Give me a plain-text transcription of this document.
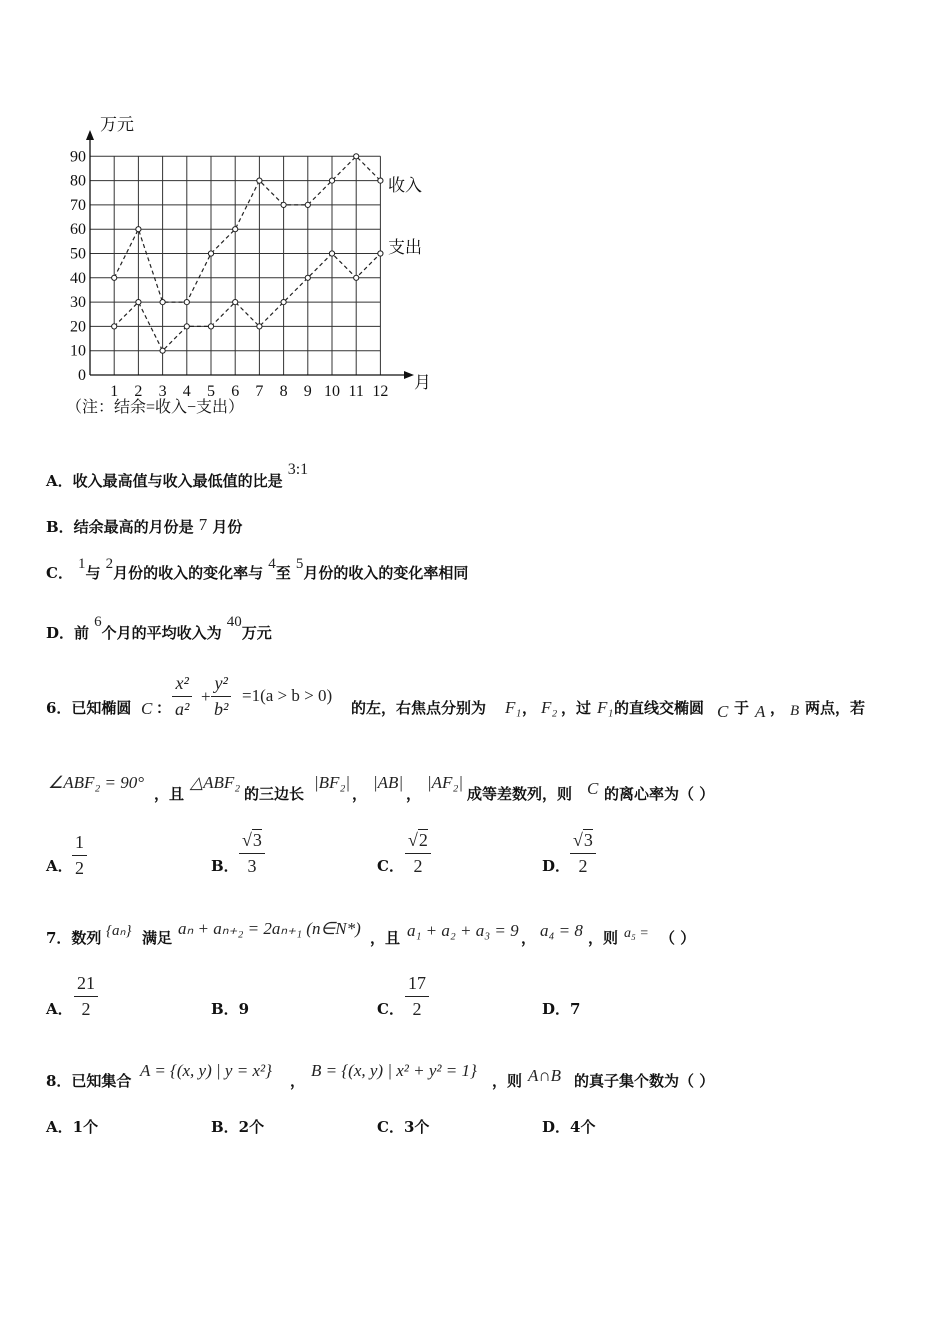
0
10
20
30
40
50
60
70
80
90
1 2 3 4 5 6 7 8 9 10 11 12
万元
月
收入
支出
（注：结余=收入−支出）
A．收入最高值与收入最低值的比是 3:1
B．结余最高的月份是 7 月份
C． 1与 2月份的收入的变化率与 4至 5月份的收入的变化率相同
D．前 6个月的平均收入为 40万元
6．已知椭圆 C ： $\frac{\text{x²}}{\text{a²}} + \frac{\text{y²}}{\text{b²}} =1(a > b > 0)$
的左，右焦点分别为 F₁ ， F₂ ，过 F₁ 的直线交椭圆 C 于 A ， B 两点，若
∠ABF₂ = 90°
，且
△ABF₂
的三边长
|BF₂|
，
|AB|
，
|AF₂|
成等差数列，则 C 的离心率为（ ）
A． $\frac{1}{2}$	B． $\frac{√3}{3}$	C． $\frac{√2}{2}$	D． $\frac{√3}{2}$
7．数列 {aₙ} 满足 aₙ + aₙ₊₂ = 2aₙ₊₁ (n∈N*) ，且 a₁ + a₂ + a₃ = 9 ， a₄ = 8 ，则 a₅ = （ ）
A． $\frac{21}{2}$	B．9	C． $\frac{17}{2}$	D．7
8．已知集合
A = {(x, y) | y = x²}
，
B = {(x, y) | x² + y² = 1}
，则 A∩B 的真子集个数为（ ）
A．1个	B．2个	C．3个	D．4个
